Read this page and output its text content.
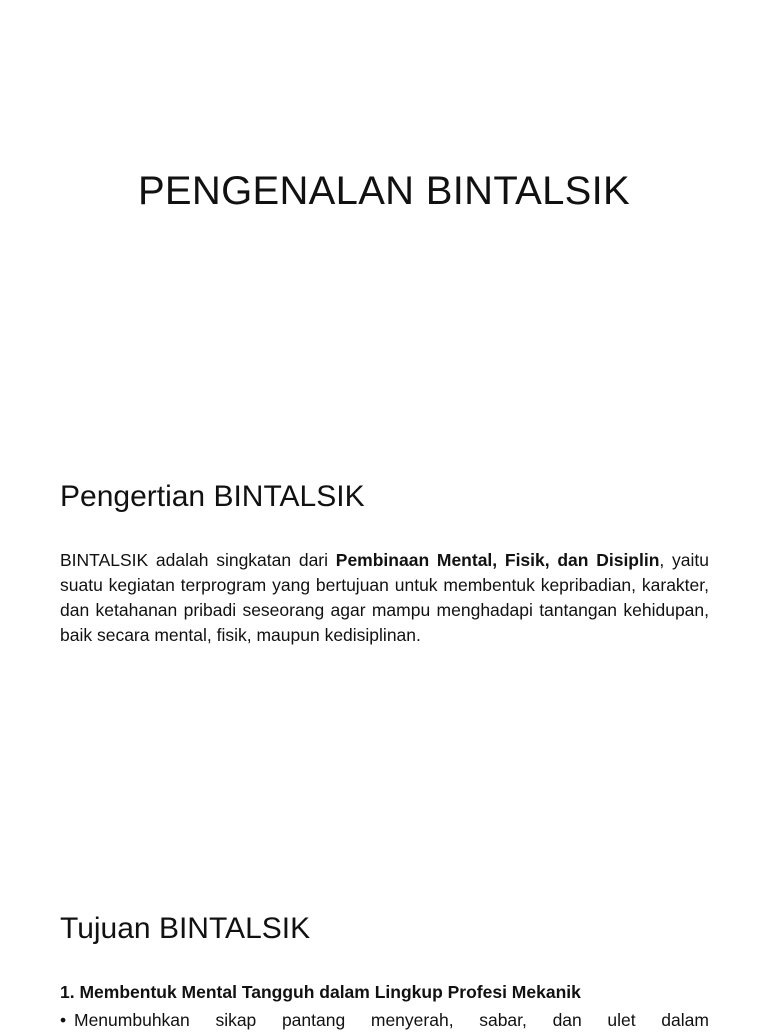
PENGENALAN BINTALSIK
Pengertian BINTALSIK

BINTALSIK adalah singkatan dari Pembinaan Mental, Fisik, dan Disiplin, yaitu suatu kegiatan terprogram yang bertujuan untuk membentuk kepribadian, karakter, dan ketahanan pribadi seseorang agar mampu menghadapi tantangan kehidupan, baik secara mental, fisik, maupun kedisiplinan.

Tujuan BINTALSIK
1. Membentuk Mental Tangguh dalam Lingkup Profesi Mekanik
• Menumbuhkan sikap pantang menyerah, sabar, dan ulet dalam
